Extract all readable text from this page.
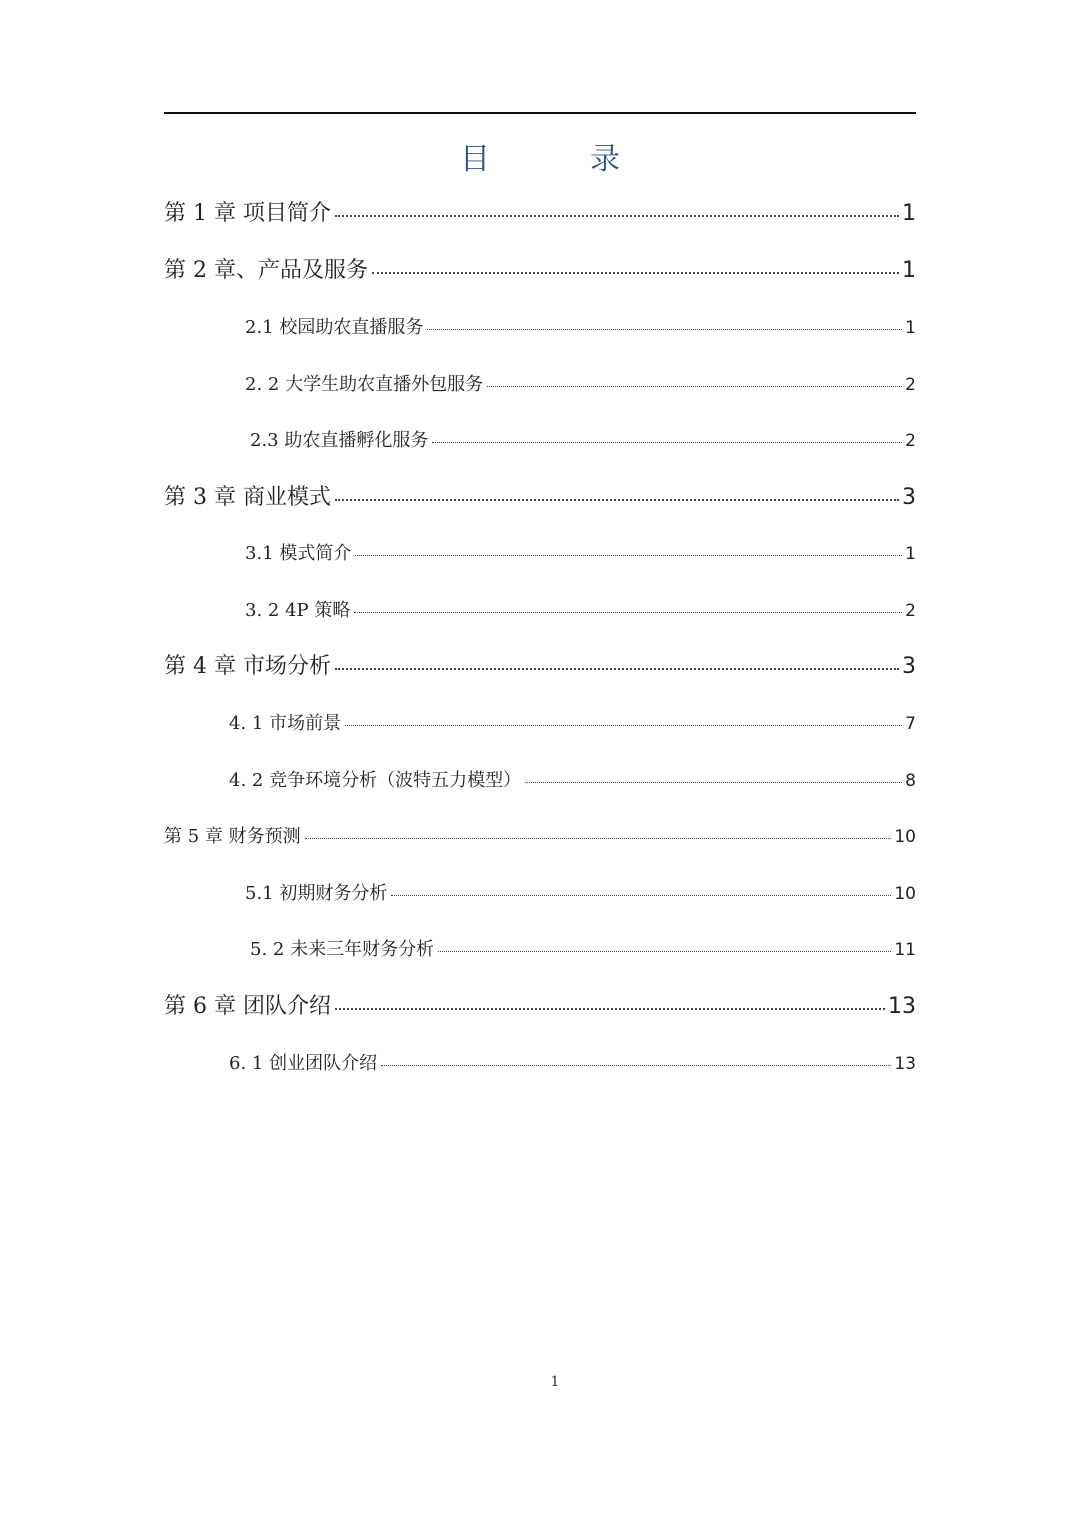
目	录
第 1 章 项目简介	1
第 2 章、产品及服务	1
2.1 校园助农直播服务	1
2. 2 大学生助农直播外包服务	2
2.3 助农直播孵化服务	2
第 3 章 商业模式	3
3.1 模式简介	1
3. 2 4P 策略	2
第 4 章 市场分析	3
4. 1 市场前景	7
4. 2 竞争环境分析（波特五力模型）	8
第 5 章 财务预测	10
5.1 初期财务分析	10
5. 2 未来三年财务分析	11
第 6 章 团队介绍	13
6. 1 创业团队介绍	13
1
